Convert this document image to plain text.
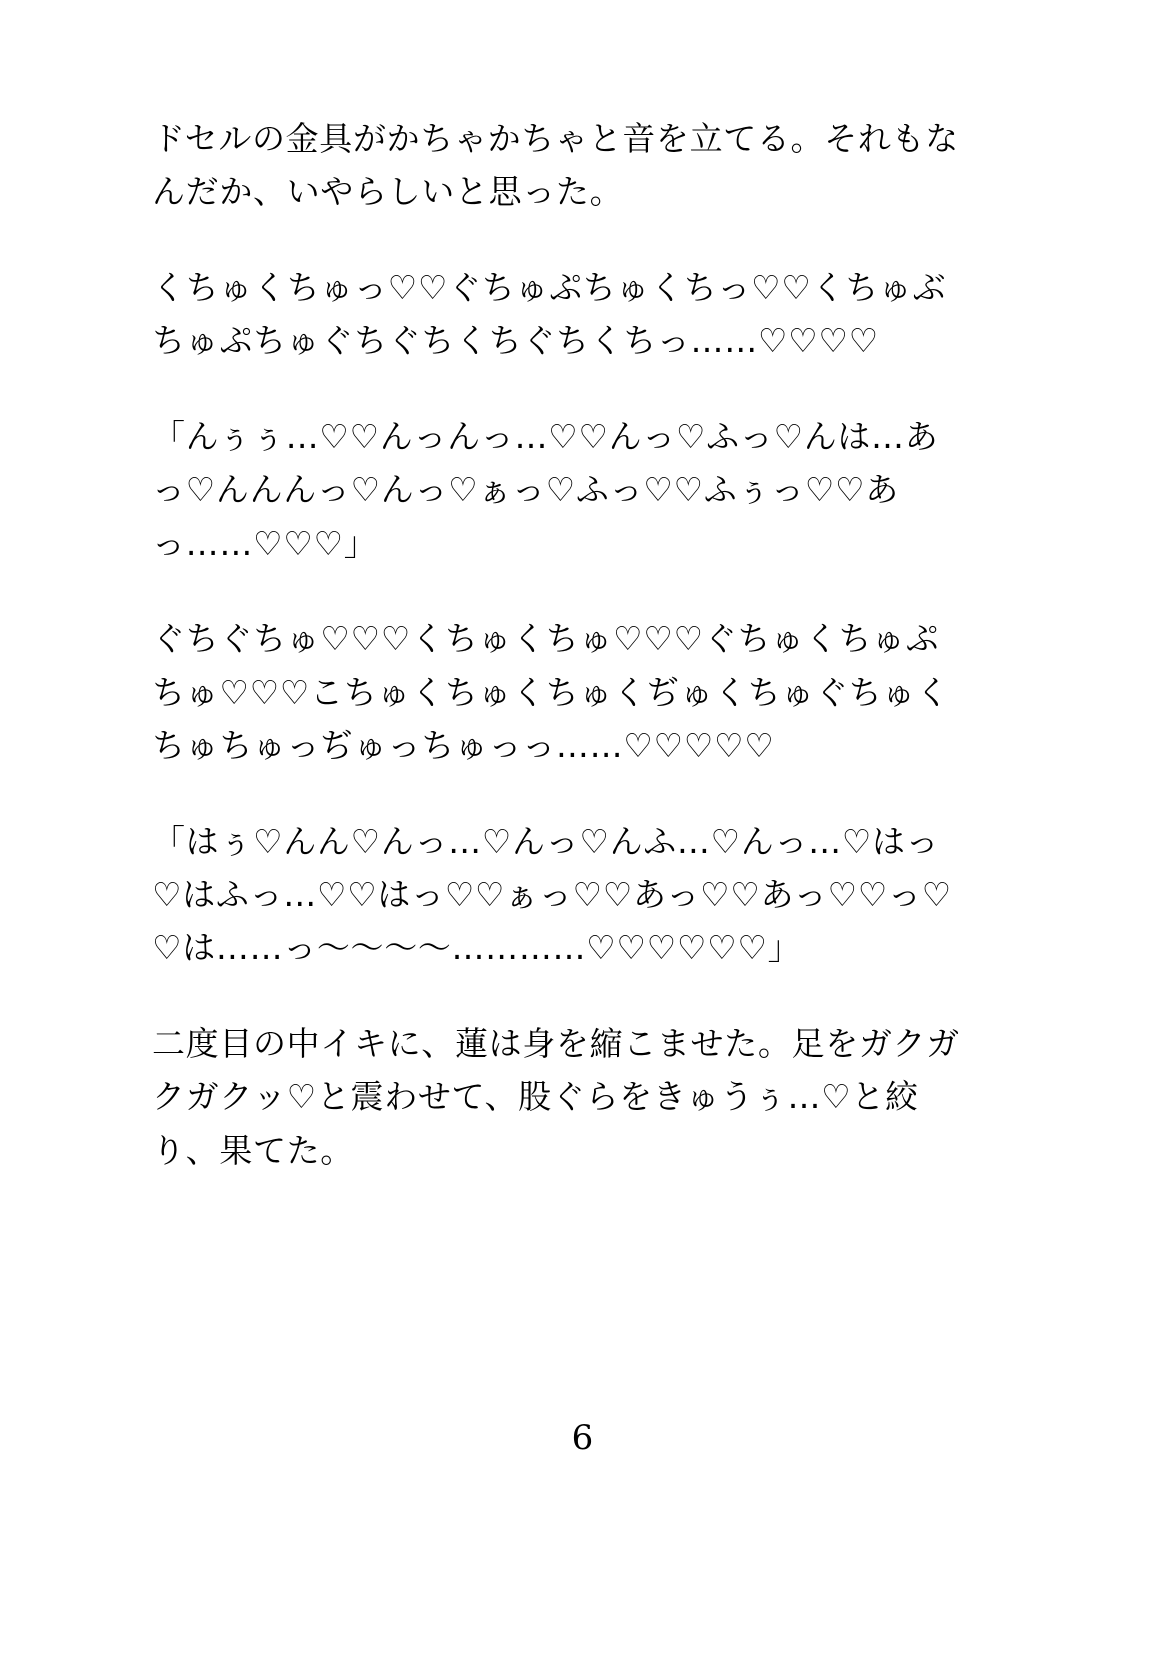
ドセルの金具がかちゃかちゃと音を立てる。それもなんだか、いやらしいと思った。

くちゅくちゅっ♡♡ぐちゅぷちゅくちっ♡♡くちゅぶちゅぷちゅぐちぐちくちぐちくちっ……♡♡♡♡

「んぅぅ…♡♡んっんっ…♡♡んっ♡ふっ♡んは…あっ♡んんんっ♡んっ♡ぁっ♡ふっ♡♡ふぅっ♡♡あっ……♡♡♡」

ぐちぐちゅ♡♡♡くちゅくちゅ♡♡♡ぐちゅくちゅぷちゅ♡♡♡こちゅくちゅくちゅくぢゅくちゅぐちゅくちゅちゅっぢゅっちゅっっ……♡♡♡♡♡

「はぅ♡んん♡んっ…♡んっ♡んふ…♡んっ…♡はっ♡はふっ…♡♡はっ♡♡ぁっ♡♡あっ♡♡あっ♡♡っ♡♡は……っ〜〜〜〜…………♡♡♡♡♡♡」

二度目の中イキに、蓮は身を縮こませた。足をガクガクガクッ♡と震わせて、股ぐらをきゅうぅ…♡と絞り、果てた。

6
